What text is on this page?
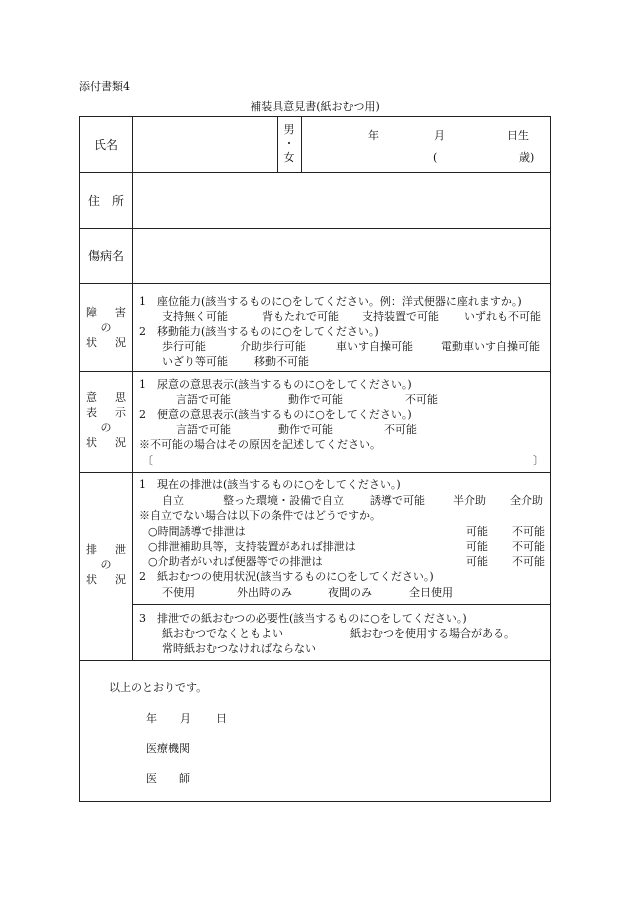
添付書類4
補装具意見書(紙おむつ用)
氏名
男
・
女
年	月	日生
(	歳)
住　所
傷病名
障 害
の
状 況
1　座位能力(該当するものに○をしてください。例：洋式便器に座れますか。)
支持無く可能	背もたれで可能 支持装置で可能 いずれも不可能
2　移動能力(該当するものに○をしてください。)
歩行可能	介助歩行可能	車いす自操可能	電動車いす自操可能
いざり等可能 移動不可能
意 思
表 示
の
状 況
1　尿意の意思表示(該当するものに○をしてください。)
言語で可能	動作で可能	不可能
2　便意の意思表示(該当するものに○をしてください。)
言語で可能	動作で可能	不可能
※不可能の場合はその原因を記述してください。
〔	〕
排 泄
の
状 況
1　現在の排泄は(該当するものに○をしてください。)
自立	整った環境・設備で自立 誘導で可能	半介助 全介助
※自立でない場合は以下の条件ではどうですか。
○時間誘導で排泄は	可能 不可能
○排泄補助具等，支持装置があれば排泄は	可能 不可能
○介助者がいれば便器等での排泄は	可能 不可能
2　紙おむつの使用状況(該当するものに○をしてください。)
不使用	外出時のみ	夜間のみ	全日使用
3　排泄での紙おむつの必要性(該当するものに○をしてください。)
紙おむつでなくともよい	紙おむつを使用する場合がある。
常時紙おむつなければならない
以上のとおりです。
年 月 日
医療機関
医　　師
